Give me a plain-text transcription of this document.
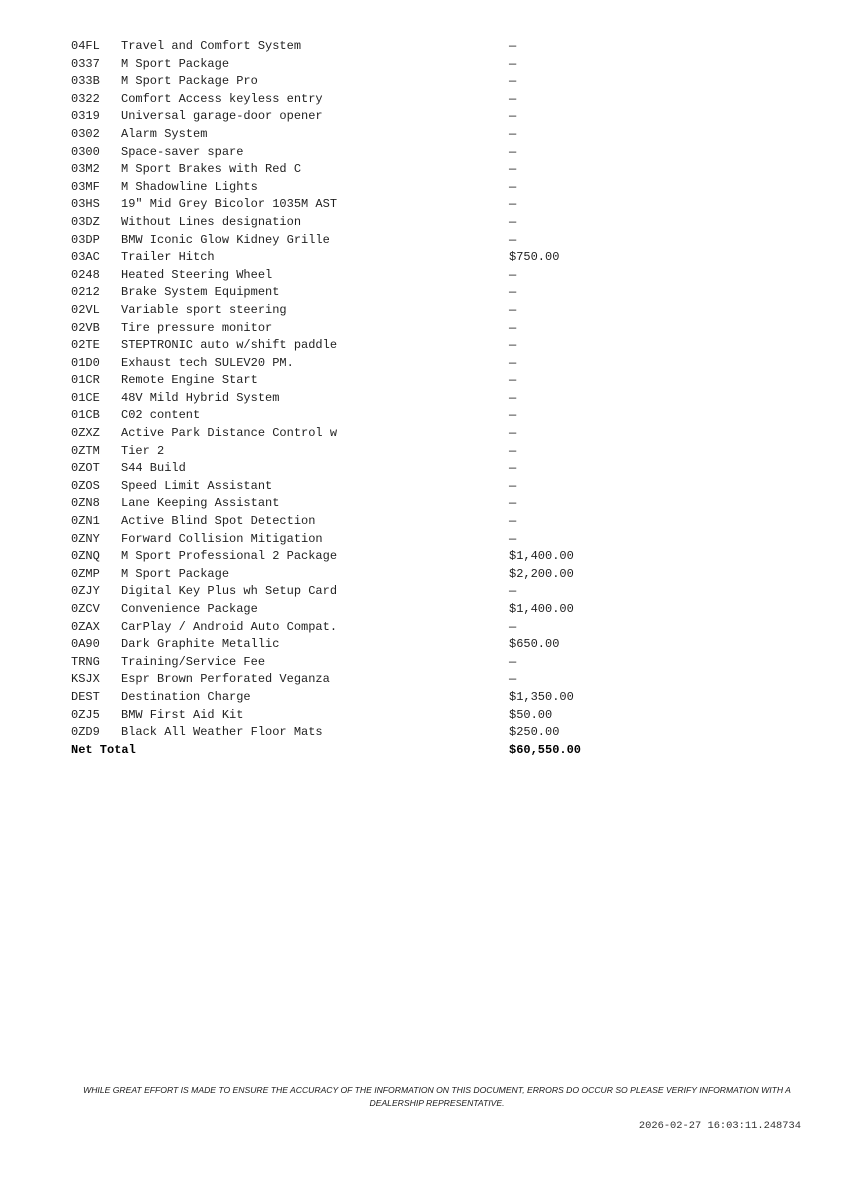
04FL Travel and Comfort System	—
0337 M Sport Package	—
033B M Sport Package Pro	—
0322 Comfort Access keyless entry	—
0319 Universal garage-door opener	—
0302 Alarm System	—
0300 Space-saver spare	—
03M2 M Sport Brakes with Red C	—
03MF M Shadowline Lights	—
03HS 19" Mid Grey Bicolor 1035M AST	—
03DZ Without Lines designation	—
03DP BMW Iconic Glow Kidney Grille	—
03AC Trailer Hitch	$750.00
0248 Heated Steering Wheel	—
0212 Brake System Equipment	—
02VL Variable sport steering	—
02VB Tire pressure monitor	—
02TE STEPTRONIC auto w/shift paddle	—
01D0 Exhaust tech SULEV20 PM.	—
01CR Remote Engine Start	—
01CE 48V Mild Hybrid System	—
01CB C02 content	—
0ZXZ Active Park Distance Control w	—
0ZTM Tier 2	—
0ZOT S44 Build	—
0ZOS Speed Limit Assistant	—
0ZN8 Lane Keeping Assistant	—
0ZN1 Active Blind Spot Detection	—
0ZNY Forward Collision Mitigation	—
0ZNQ M Sport Professional 2 Package	$1,400.00
0ZMP M Sport Package	$2,200.00
0ZJY Digital Key Plus wh Setup Card	—
0ZCV Convenience Package	$1,400.00
0ZAX CarPlay / Android Auto Compat.	—
0A90 Dark Graphite Metallic	$650.00
TRNG Training/Service Fee	—
KSJX Espr Brown Perforated Veganza	—
DEST Destination Charge	$1,350.00
0ZJ5 BMW First Aid Kit	$50.00
0ZD9 Black All Weather Floor Mats	$250.00
Net Total	$60,550.00
WHILE GREAT EFFORT IS MADE TO ENSURE THE ACCURACY OF THE INFORMATION ON THIS DOCUMENT, ERRORS DO OCCUR SO PLEASE VERIFY INFORMATION WITH A DEALERSHIP REPRESENTATIVE.
2026-02-27 16:03:11.248734
